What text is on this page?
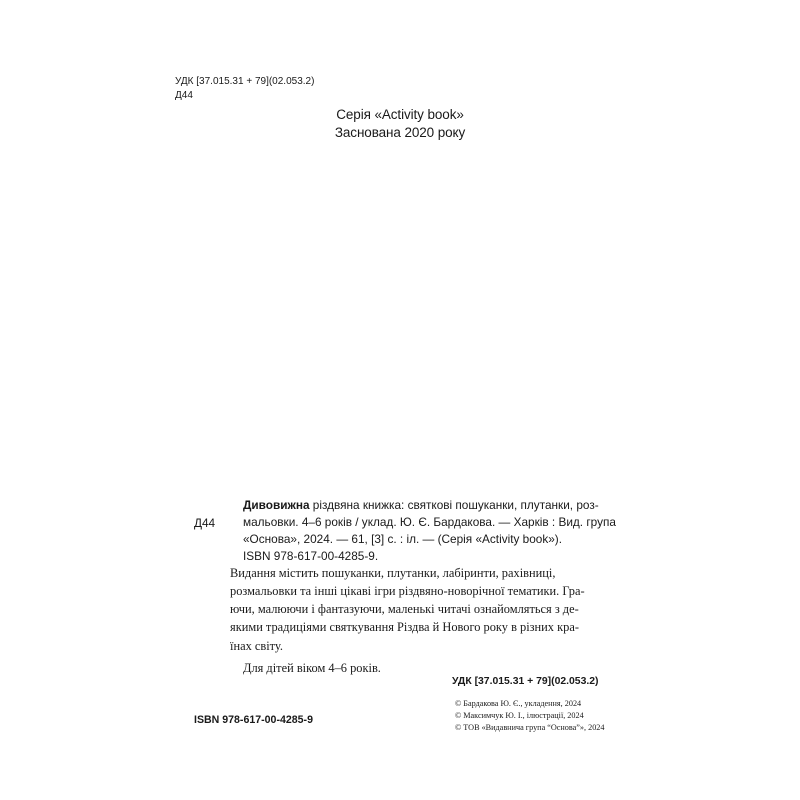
УДК [37.015.31 + 79](02.053.2)
Д44
Серія «Activity book»
Заснована 2020 року
Д44
Дивовижна різдвяна книжка: святкові пошуканки, плутанки, роз-
мальовки. 4–6 років / уклад. Ю. Є. Бардакова. — Харків : Вид. група
«Основа», 2024. — 61, [3] с. : іл. — (Серія «Activity book»).
ISBN 978-617-00-4285-9.
Видання містить пошуканки, плутанки, лабіринти, рахівниці,
розмальовки та інші цікаві ігри різдвяно-новорічної тематики. Гра-
ючи, малюючи і фантазуючи, маленькі читачі ознайомляться з де-
якими традиціями святкування Різдва й Нового року в різних кра-
їнах світу.
Для дітей віком 4–6 років.
УДК [37.015.31 + 79](02.053.2)
© Бардакова Ю. Є., укладення, 2024
© Максимчук Ю. І., ілюстрації, 2024
© ТОВ «Видавнича група “Основа”», 2024
ISBN 978-617-00-4285-9
